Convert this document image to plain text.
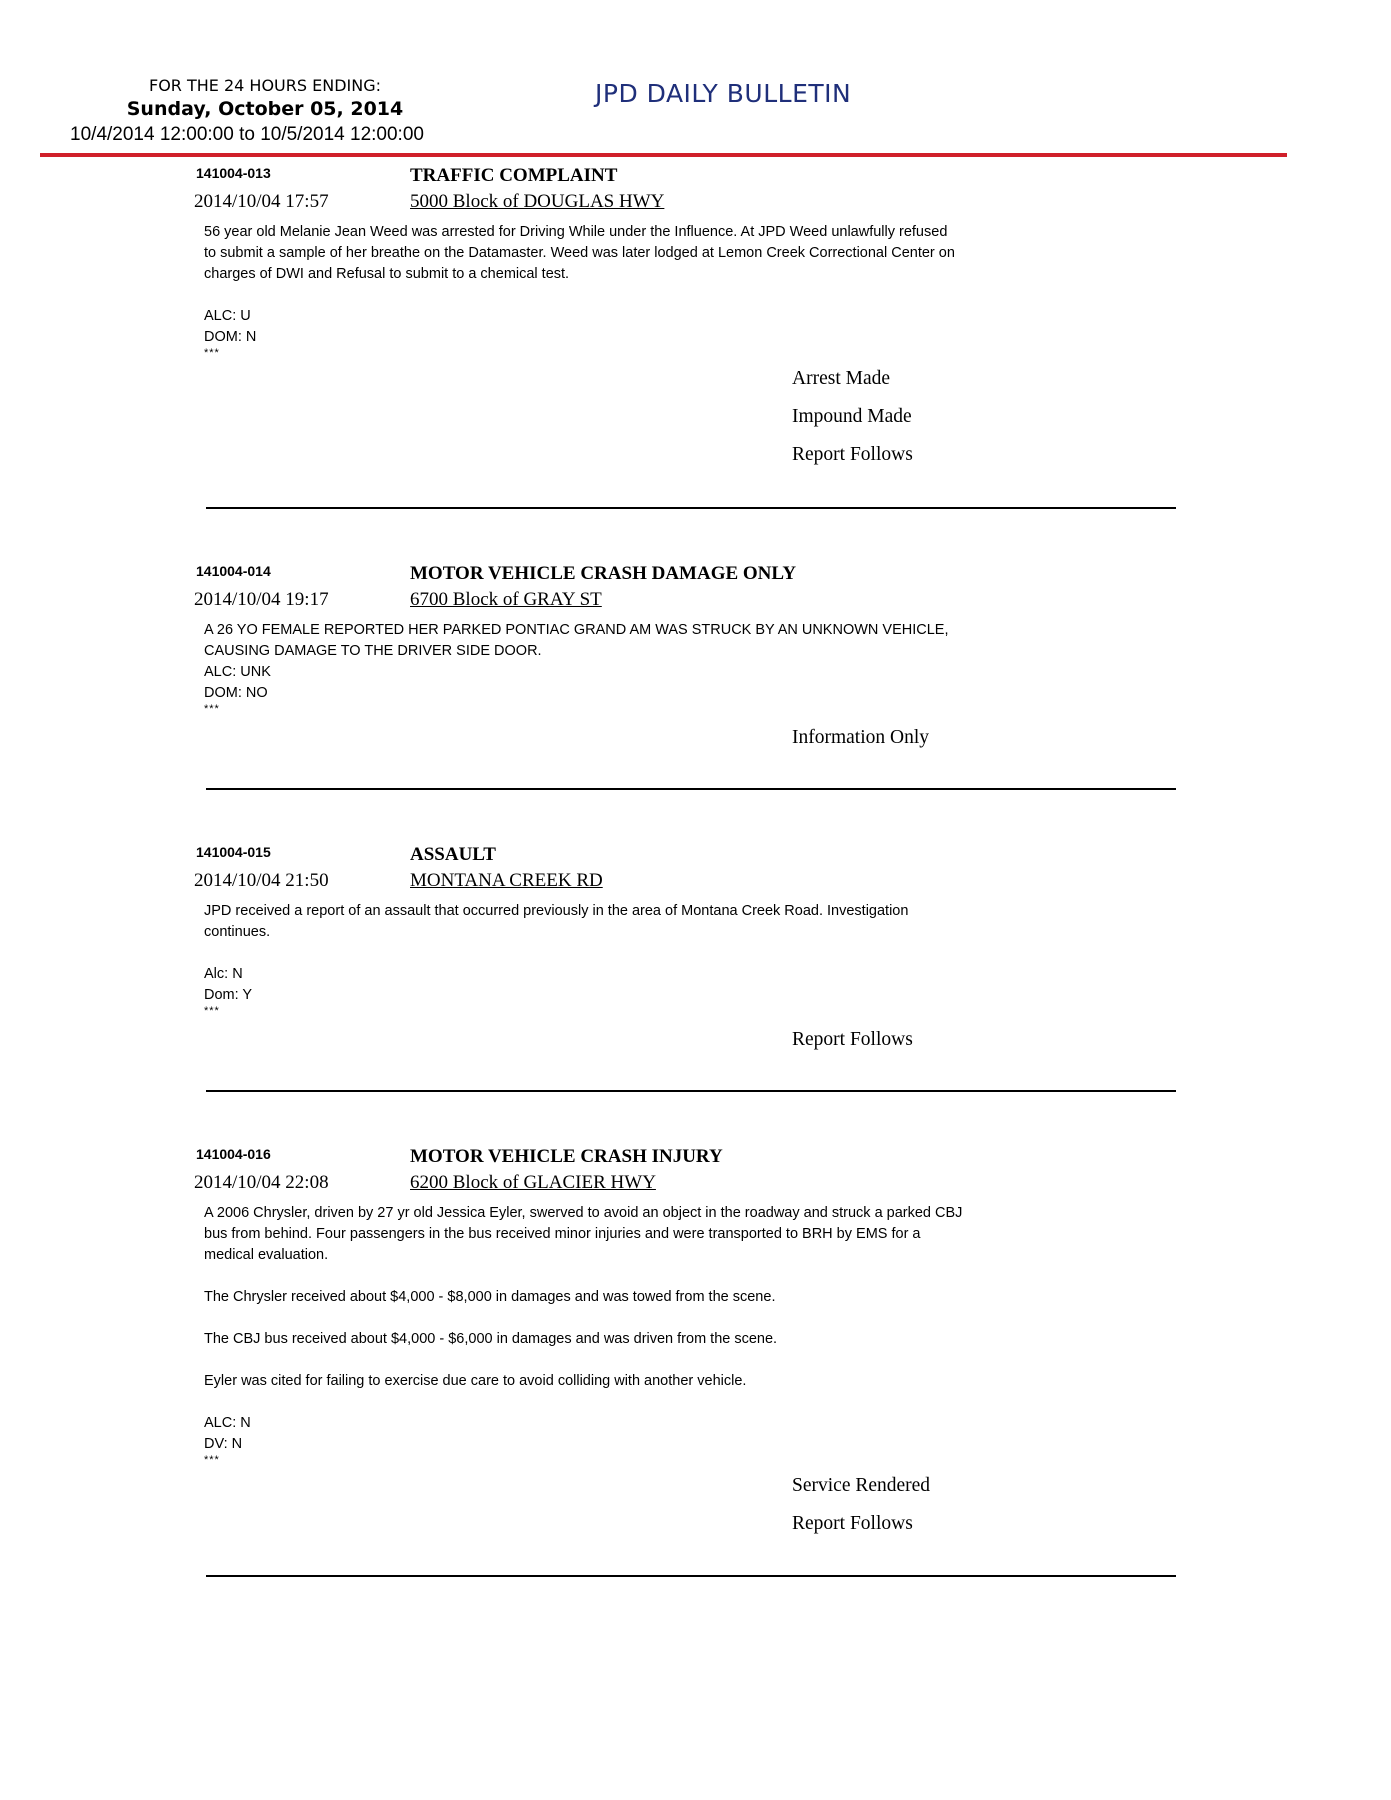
FOR THE 24 HOURS ENDING:
Sunday, October 05, 2014
10/4/2014 12:00:00 to 10/5/2014 12:00:00
JPD DAILY BULLETIN
141004-013	TRAFFIC COMPLAINT
2014/10/04 17:57	5000 Block of DOUGLAS HWY

56 year old Melanie Jean Weed was arrested for Driving While under the Influence. At JPD Weed unlawfully refused

to submit a sample of her breathe on the Datamaster. Weed was later lodged at Lemon Creek Correctional Center on

charges of DWI and Refusal to submit to a chemical test.

ALC: U

DOM: N

***

Arrest Made
Impound Made
Report Follows
141004-014	MOTOR VEHICLE CRASH DAMAGE ONLY
2014/10/04 19:17	6700 Block of GRAY ST

A 26 YO FEMALE REPORTED HER PARKED PONTIAC GRAND AM WAS STRUCK BY AN UNKNOWN VEHICLE,

CAUSING DAMAGE TO THE DRIVER SIDE DOOR.

ALC: UNK

DOM: NO

***

Information Only
141004-015	ASSAULT
2014/10/04 21:50	MONTANA CREEK RD

JPD received a report of an assault that occurred previously in the area of Montana Creek Road. Investigation

continues.

Alc: N

Dom: Y

***

Report Follows
141004-016	MOTOR VEHICLE CRASH INJURY
2014/10/04 22:08	6200 Block of GLACIER HWY

A 2006 Chrysler, driven by 27 yr old Jessica Eyler, swerved to avoid an object in the roadway and struck a parked CBJ

bus from behind. Four passengers in the bus received minor injuries and were transported to BRH by EMS for a

medical evaluation.

The Chrysler received about $4,000 - $8,000 in damages and was towed from the scene.

The CBJ bus received about $4,000 - $6,000 in damages and was driven from the scene.

Eyler was cited for failing to exercise due care to avoid colliding with another vehicle.

ALC: N

DV: N

***

Service Rendered
Report Follows
